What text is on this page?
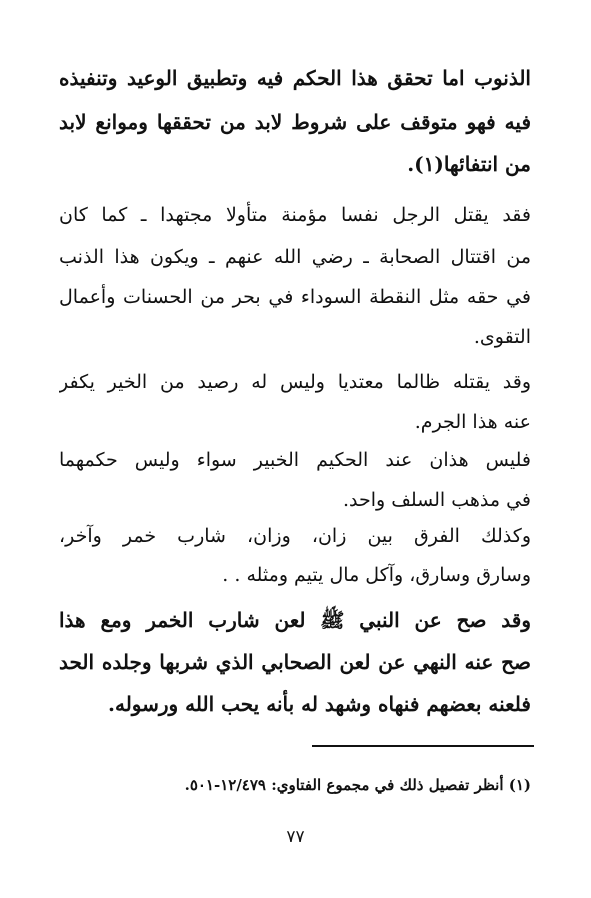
الذنوب اما تحقق هذا الحكم فيه وتطبيق الوعيد وتنفيذه
فيه فهو متوقف على شروط لابد من تحققها وموانع لابد
من انتفائها(١).
فقد يقتل الرجل نفسا مؤمنة متأولا مجتهدا ـ كما كان
من اقتتال الصحابة ـ رضي الله عنهم ـ ويكون هذا الذنب
في حقه مثل النقطة السوداء في بحر من الحسنات وأعمال
التقوى.
وقد يقتله ظالما معتديا وليس له رصيد من الخير يكفر
عنه هذا الجرم.
فليس هذان عند الحكيم الخبير سواء وليس حكمهما
في مذهب السلف واحد.
وكذلك الفرق بين زان، وزان، شارب خمر وآخر،
وسارق وسارق، وآكل مال يتيم ومثله . .
وقد صح عن النبي ﷺ لعن شارب الخمر ومع هذا
صح عنه النهي عن لعن الصحابي الذي شربها وجلده الحد
فلعنه بعضهم فنهاه وشهد له بأنه يحب الله ورسوله.
(١) أنظر تفصيل ذلك في مجموع الفتاوي: ١٢/٤٧٩-٥٠١.
٧٧
